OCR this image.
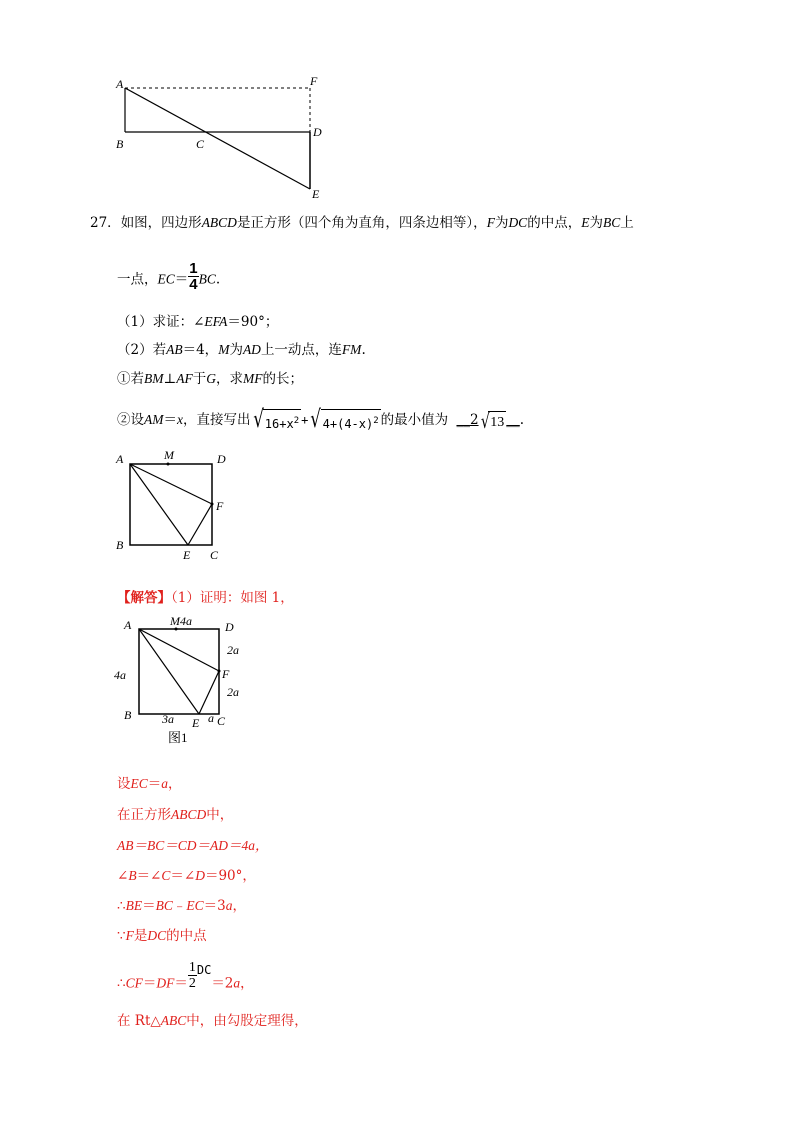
A	F
B	C
D
E
27．如图，四边形ABCD是正方形（四个角为直角，四条边相等），F为DC的中点，E为BC上
一点，$EC= \frac{1}{4}$ BC.
（1）求证：∠EFA＝90°；
（2）若AB＝4，M为AD上一动点，连FM.
①若BM⊥AF于G，求MF的长；
②设AM＝x，直接写出 √ $16+x^2$ + √ $4+(4-x)^2$ 的最小值为 __2 √ 13 __.
A	M	D
F
B
E C
【解答】（1）证明：如图 1，
A	M4a	D
2a
4a	F
2a
B	3a E a C
图1
设EC＝a，
在正方形ABCD中，
AB＝BC＝CD＝AD＝4a，
∠B＝∠C＝∠D＝90°，
∴BE＝BC﹣EC＝3a，
∵F是DC的中点
∴CF＝DF＝ $\frac{1}{2} DC=2a$，
在 Rt△ABC中，由勾股定理得，
